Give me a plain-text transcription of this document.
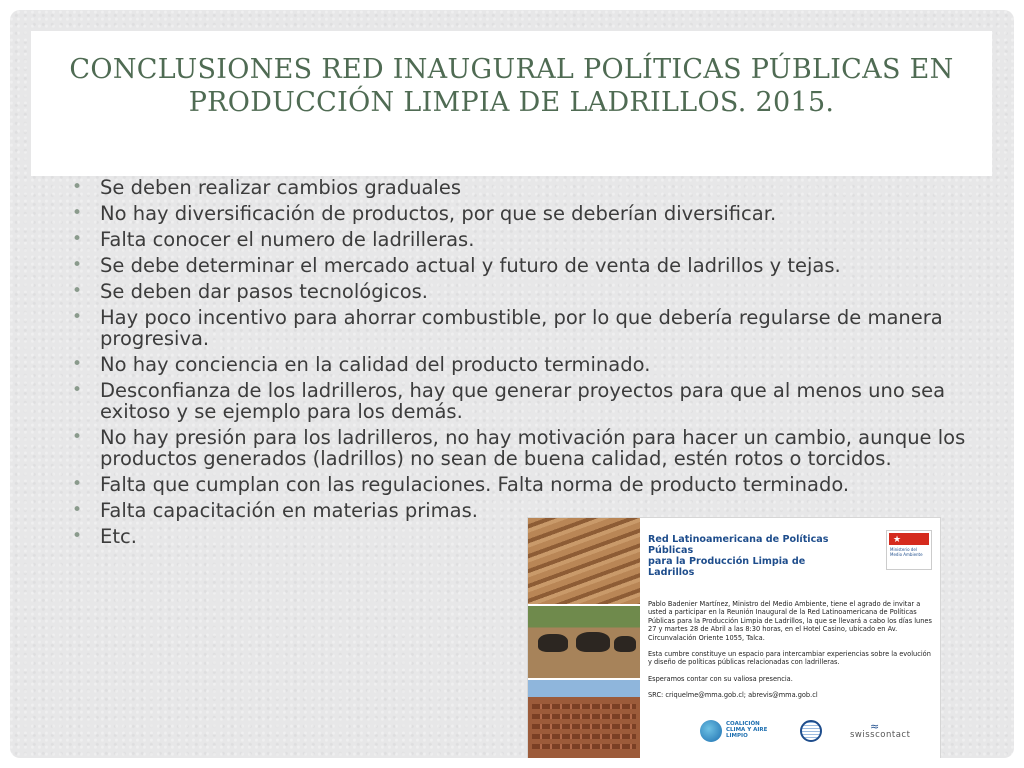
CONCLUSIONES RED INAUGURAL POLÍTICAS PÚBLICAS EN
PRODUCCIÓN LIMPIA DE LADRILLOS. 2015.
• Se deben realizar cambios graduales
• No hay diversificación de productos, por que se deberían diversificar.
• Falta conocer el numero de ladrilleras.
• Se debe determinar el mercado actual y futuro de venta de ladrillos y tejas.
• Se deben dar pasos tecnológicos.
• Hay poco incentivo para ahorrar combustible, por lo que debería regularse de manera progresiva.
• No hay conciencia en la calidad del producto terminado.
• Desconfianza de los ladrilleros, hay que generar proyectos para que al menos uno sea exitoso y se ejemplo para los demás.
• No hay presión para los ladrilleros, no hay motivación para hacer un cambio, aunque los productos generados (ladrillos) no sean de buena calidad, estén rotos o torcidos.
• Falta que cumplan con las regulaciones. Falta norma de producto terminado.
• Falta capacitación en materias primas.
• Etc.	★
Ministerio del Medio Ambiente

Red Latinoamericana de Políticas Públicas
para la Producción Limpia de Ladrillos

Pablo Badenier Martínez, Ministro del Medio Ambiente, tiene el agrado de invitar a usted a participar en la Reunión Inaugural de la Red Latinoamericana de Políticas Públicas para la Producción Limpia de Ladrillos, la que se llevará a cabo los días lunes 27 y martes 28 de Abril a las 8:30 horas, en el Hotel Casino, ubicado en Av. Circunvalación Oriente 1055, Talca.

Esta cumbre constituye un espacio para intercambiar experiencias sobre la evolución y diseño de políticas públicas relacionadas con ladrilleras.

Esperamos contar con su valiosa presencia.

SRC: criquelme@mma.gob.cl; abrevis@mma.gob.cl

COALICIÓN CLIMA Y AIRE LIMPIO
≈
swisscontact
